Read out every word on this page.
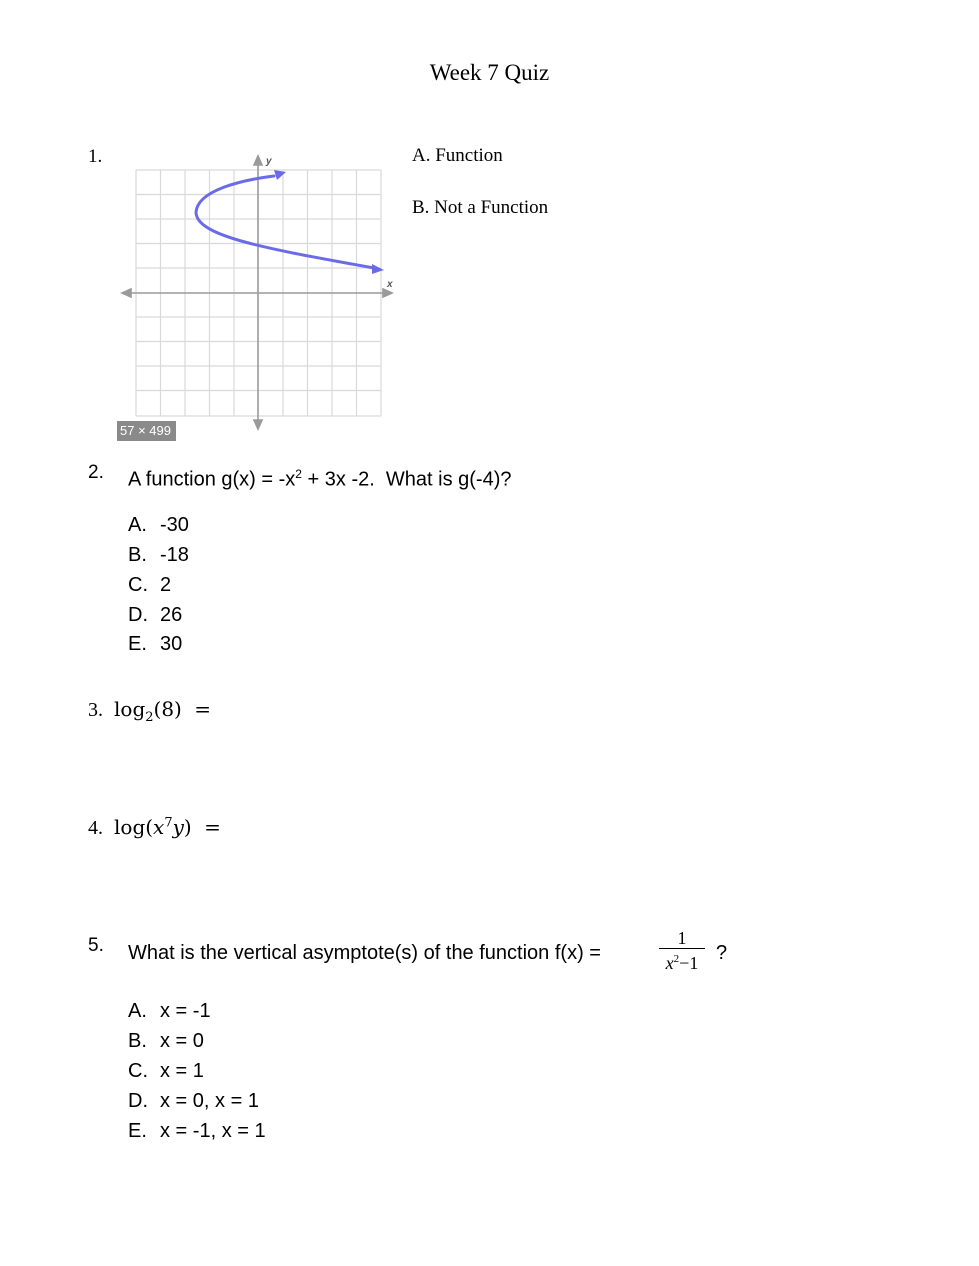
Week 7 Quiz
1.	y
x
57 × 499
A. Function
B. Not a Function
2. A function $g(x) = -x^2 + 3x$ -2.  What is g(-4)?
A. -30
B. -18
C. 2
D. 26
E. 30
3. $\log_2(8)$ =
4. $\log(x^7y)$ =
5. What is the vertical asymptote(s) of the function f(x) =
1
$x^2-1$ ?
A. x = -1
B. x = 0
C. x = 1
D. x = 0, x = 1
E. x = -1, x = 1
